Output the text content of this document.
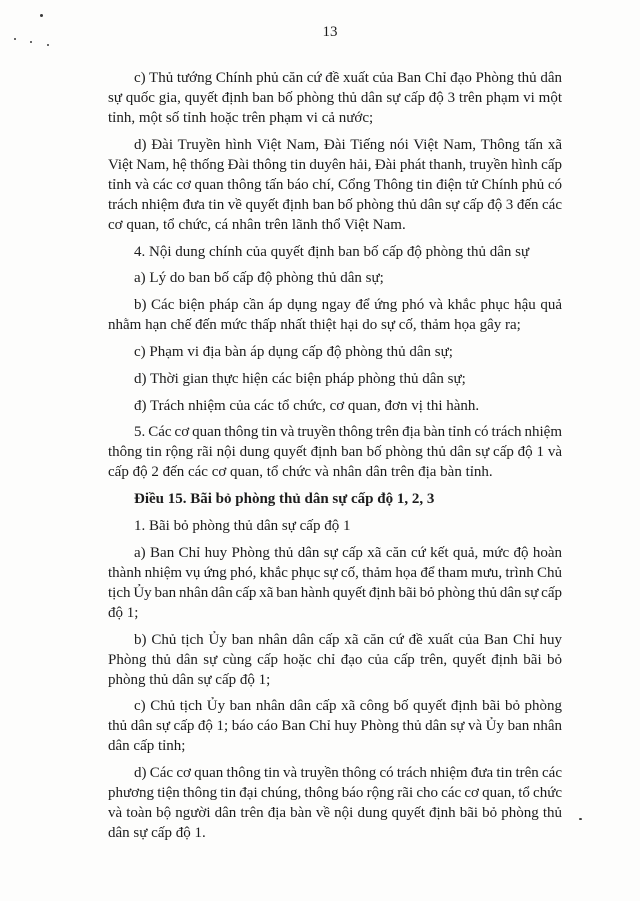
13
c) Thủ tướng Chính phủ căn cứ đề xuất của Ban Chỉ đạo Phòng thủ dân
sự quốc gia, quyết định ban bố phòng thủ dân sự cấp độ 3 trên phạm vi một
tỉnh, một số tỉnh hoặc trên phạm vi cả nước;
d) Đài Truyền hình Việt Nam, Đài Tiếng nói Việt Nam, Thông tấn xã
Việt Nam, hệ thống Đài thông tin duyên hải, Đài phát thanh, truyền hình cấp
tỉnh và các cơ quan thông tấn báo chí, Cổng Thông tin điện tử Chính phủ có
trách nhiệm đưa tin về quyết định ban bố phòng thủ dân sự cấp độ 3 đến các
cơ quan, tổ chức, cá nhân trên lãnh thổ Việt Nam.
4. Nội dung chính của quyết định ban bố cấp độ phòng thủ dân sự
a) Lý do ban bố cấp độ phòng thủ dân sự;
b) Các biện pháp cần áp dụng ngay để ứng phó và khắc phục hậu quả
nhằm hạn chế đến mức thấp nhất thiệt hại do sự cố, thảm họa gây ra;
c) Phạm vi địa bàn áp dụng cấp độ phòng thủ dân sự;
d) Thời gian thực hiện các biện pháp phòng thủ dân sự;
đ) Trách nhiệm của các tổ chức, cơ quan, đơn vị thi hành.
5. Các cơ quan thông tin và truyền thông trên địa bàn tỉnh có trách nhiệm
thông tin rộng rãi nội dung quyết định ban bố phòng thủ dân sự cấp độ 1 và
cấp độ 2 đến các cơ quan, tổ chức và nhân dân trên địa bàn tỉnh.
Điều 15. Bãi bỏ phòng thủ dân sự cấp độ 1, 2, 3
1. Bãi bỏ phòng thủ dân sự cấp độ 1
a) Ban Chỉ huy Phòng thủ dân sự cấp xã căn cứ kết quả, mức độ hoàn
thành nhiệm vụ ứng phó, khắc phục sự cố, thảm họa để tham mưu, trình Chủ
tịch Ủy ban nhân dân cấp xã ban hành quyết định bãi bỏ phòng thủ dân sự cấp
độ 1;
b) Chủ tịch Ủy ban nhân dân cấp xã căn cứ đề xuất của Ban Chỉ huy
Phòng thủ dân sự cùng cấp hoặc chỉ đạo của cấp trên, quyết định bãi bỏ
phòng thủ dân sự cấp độ 1;
c) Chủ tịch Ủy ban nhân dân cấp xã công bố quyết định bãi bỏ phòng
thủ dân sự cấp độ 1; báo cáo Ban Chỉ huy Phòng thủ dân sự và Ủy ban nhân
dân cấp tỉnh;
d) Các cơ quan thông tin và truyền thông có trách nhiệm đưa tin trên các
phương tiện thông tin đại chúng, thông báo rộng rãi cho các cơ quan, tổ chức
và toàn bộ người dân trên địa bàn về nội dung quyết định bãi bỏ phòng thủ
dân sự cấp độ 1.
